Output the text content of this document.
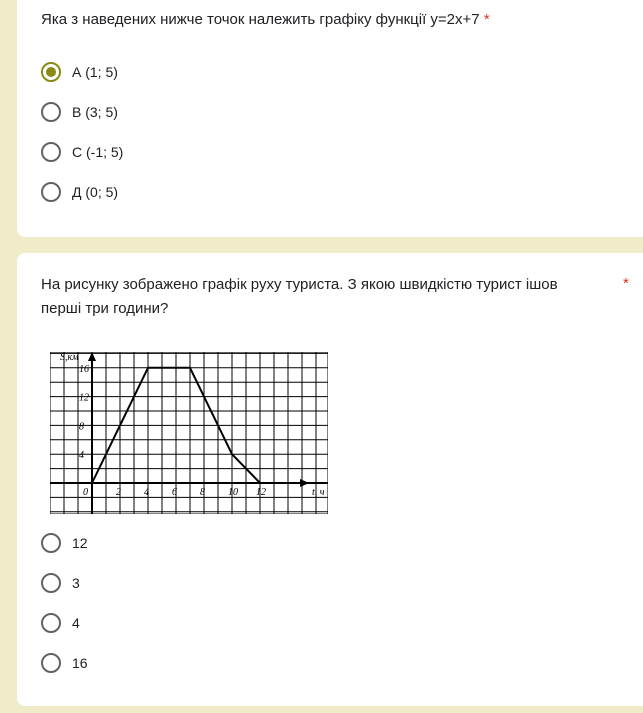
Яка з наведених нижче точок належить графіку функції y=2x+7 *
А (1; 5)
В (3; 5)
С (-1; 5)
Д (0; 5)
На рисунку зображено графік руху туриста. З якою швидкістю турист ішов перші три години?
*
S,км
t, ч
16
12
8
4
0	2 4 6 8 10 12
12
3
4
16
